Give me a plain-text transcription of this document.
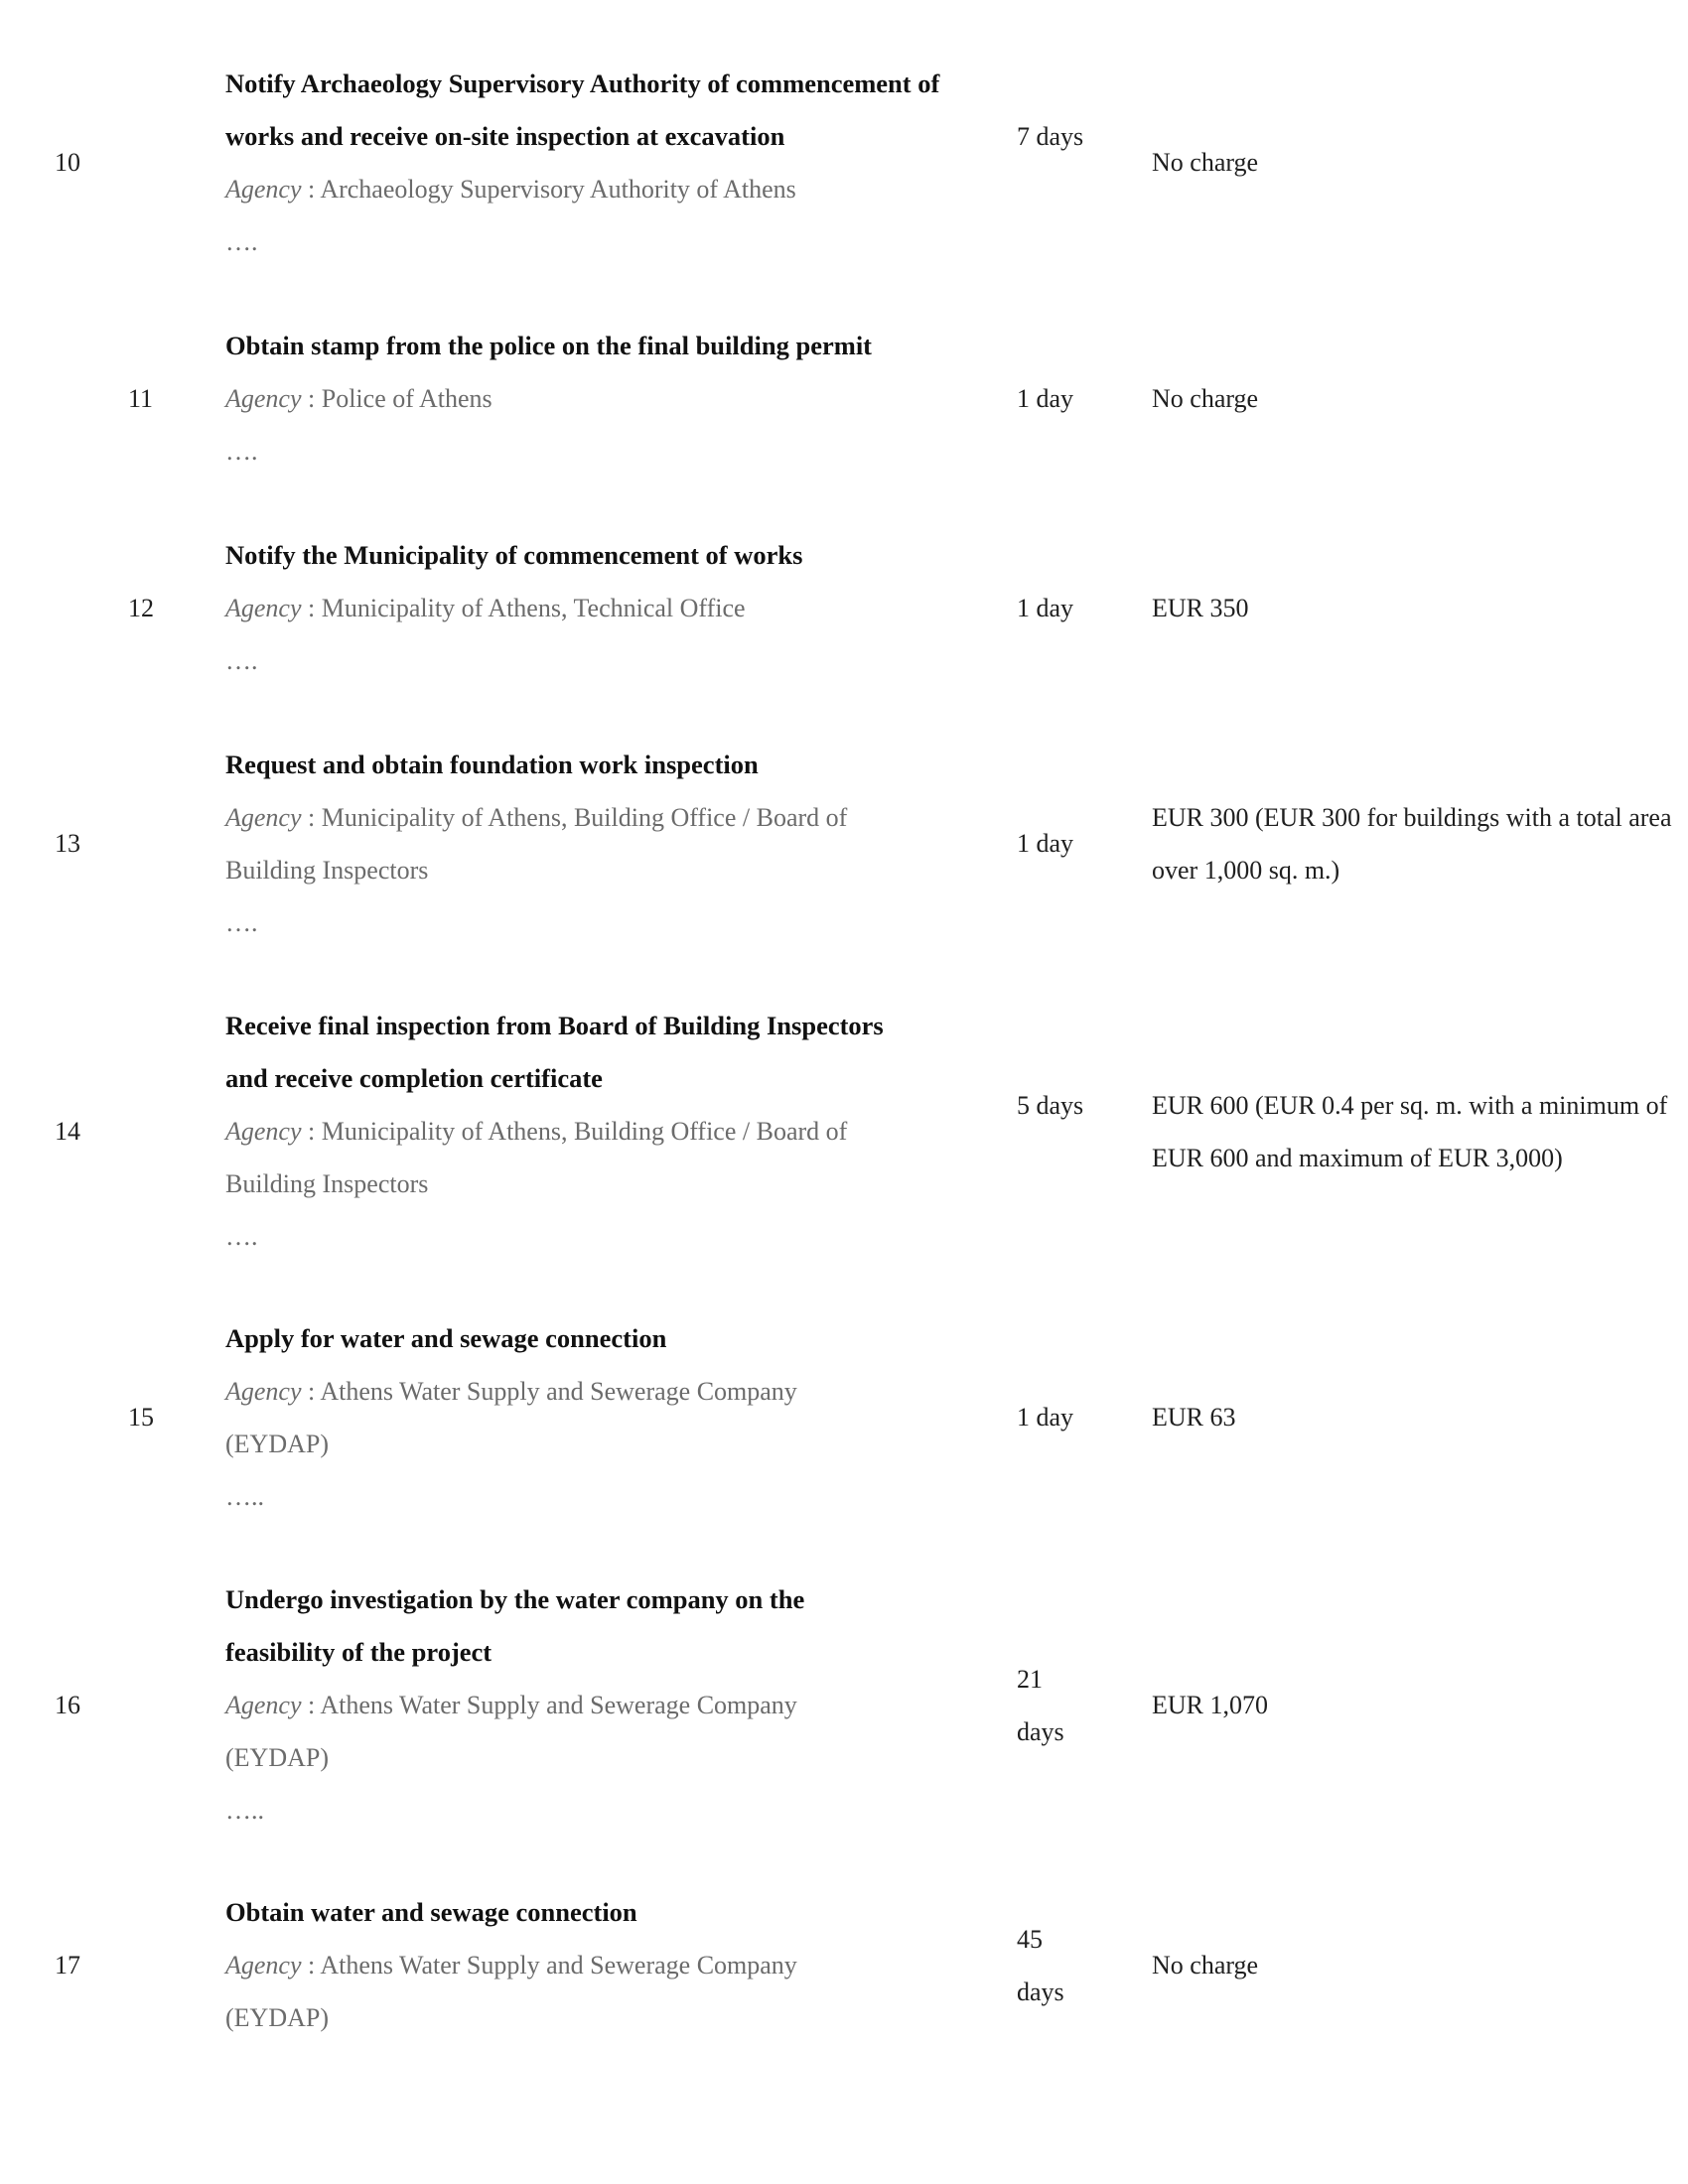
10
Notify Archaeology Supervisory Authority of commencement of works and receive on-site inspection at excavation
Agency : Archaeology Supervisory Authority of Athens
….
7 days
No charge
11
Obtain stamp from the police on the final building permit
Agency : Police of Athens
….
1 day	No charge
12
Notify the Municipality of commencement of works
Agency : Municipality of Athens, Technical Office
….
1 day	EUR 350
13
Request and obtain foundation work inspection
Agency : Municipality of Athens, Building Office / Board of Building Inspectors
….
1 day
EUR 300 (EUR 300 for buildings with a total area over 1,000 sq. m.)
14
Receive final inspection from Board of Building Inspectors and receive completion certificate
Agency : Municipality of Athens, Building Office / Board of Building Inspectors
….
5 days	EUR 600 (EUR 0.4 per sq. m. with a minimum of EUR 600 and maximum of EUR 3,000)
15
Apply for water and sewage connection
Agency : Athens Water Supply and Sewerage Company (EYDAP)
…..
1 day	EUR 63
16
Undergo investigation by the water company on the feasibility of the project
Agency : Athens Water Supply and Sewerage Company (EYDAP)
…..
21 days
EUR 1,070
17
Obtain water and sewage connection
Agency : Athens Water Supply and Sewerage Company (EYDAP)
45 days
No charge
